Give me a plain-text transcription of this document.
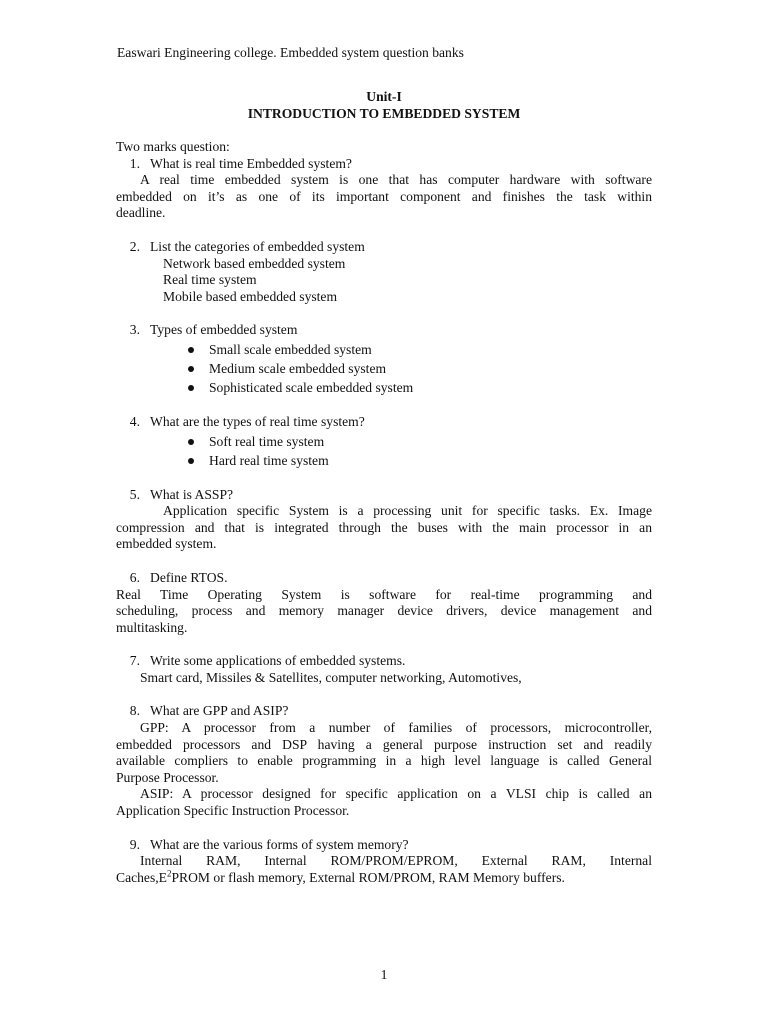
Easwari Engineering college. Embedded system question banks
Unit-I
INTRODUCTION TO EMBEDDED SYSTEM
Two marks question:
1. What is real time Embedded system?
A real time embedded system is one that has computer hardware with software
embedded on it’s as one of its important component and finishes the task within
deadline.
2. List the categories of embedded system
Network based embedded system
Real time system
Mobile based embedded system
3. Types of embedded system
Small scale embedded system
Medium scale embedded system
Sophisticated scale embedded system
4. What are the types of real time system?
Soft real time system
Hard real time system
5. What is ASSP?
Application specific System is a processing unit for specific tasks. Ex. Image
compression and that is integrated through the buses with the main processor in an
embedded system.
6. Define RTOS.
Real Time Operating System is software for real-time programming and
scheduling, process and memory manager device drivers, device management and
multitasking.
7. Write some applications of embedded systems.
Smart card, Missiles & Satellites, computer networking, Automotives,
8. What are GPP and ASIP?
GPP: A processor from a number of families of processors, microcontroller,
embedded processors and DSP having a general purpose instruction set and readily
available compliers to enable programming in a high level language is called General
Purpose Processor.
ASIP: A processor designed for specific application on a VLSI chip is called an
Application Specific Instruction Processor.
9. What are the various forms of system memory?
Internal RAM, Internal ROM/PROM/EPROM, External RAM, Internal
$Caches,E^2PROM$ or flash memory, External ROM/PROM, RAM Memory buffers.
1
